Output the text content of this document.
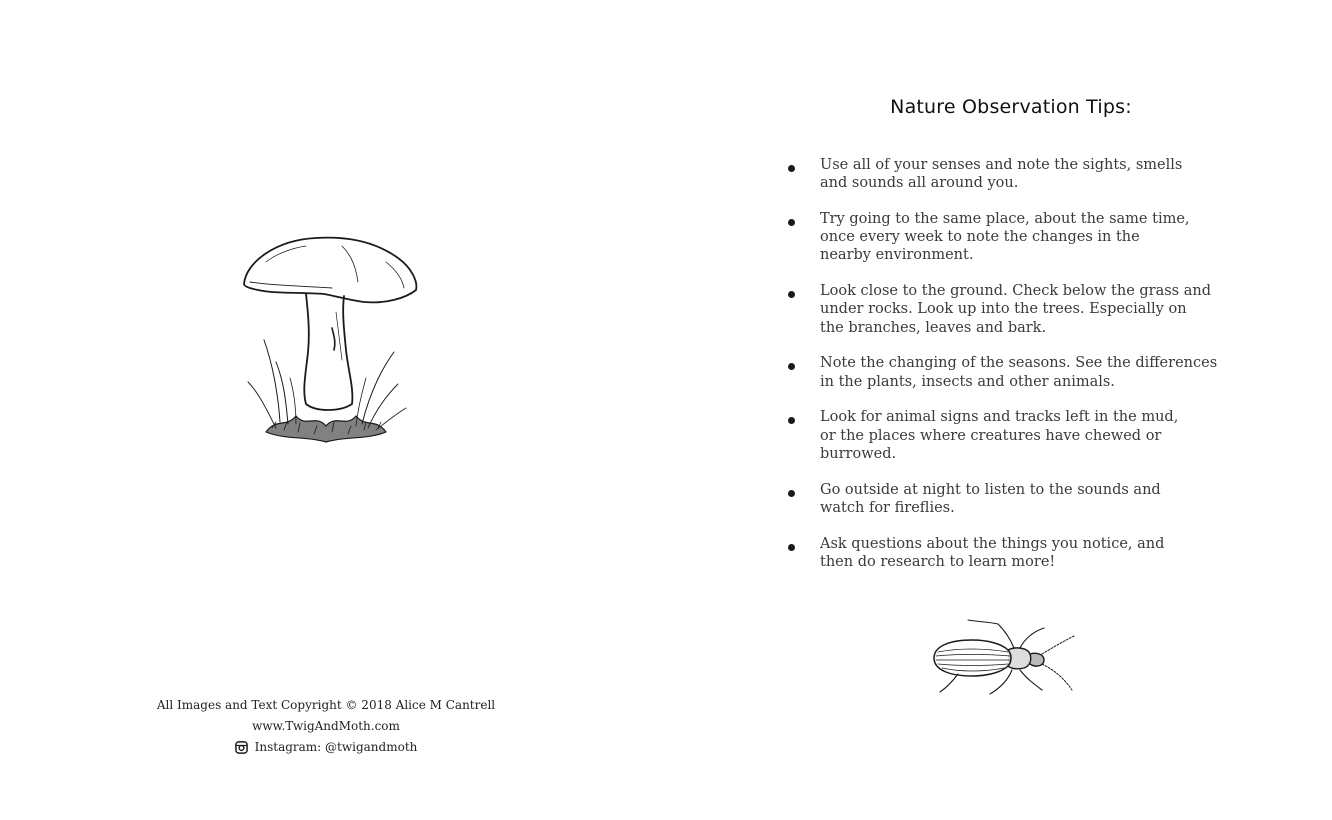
All Images and Text Copyright © 2018 Alice M Cantrell
www.TwigAndMoth.com
Instagram: @twigandmoth
Nature Observation Tips:
Use all of your senses and note the sights, smells
and sounds all around you.
Try going to the same place, about the same time,
once every week to note the changes in the
nearby environment.
Look close to the ground. Check below the grass and
under rocks. Look up into the trees. Especially on
the branches, leaves and bark.
Note the changing of the seasons. See the differences
in the plants, insects and other animals.
Look for animal signs and tracks left in the mud,
or the places where creatures have chewed or
burrowed.
Go outside at night to listen to the sounds and
watch for fireflies.
Ask questions about the things you notice, and
then do research to learn more!
